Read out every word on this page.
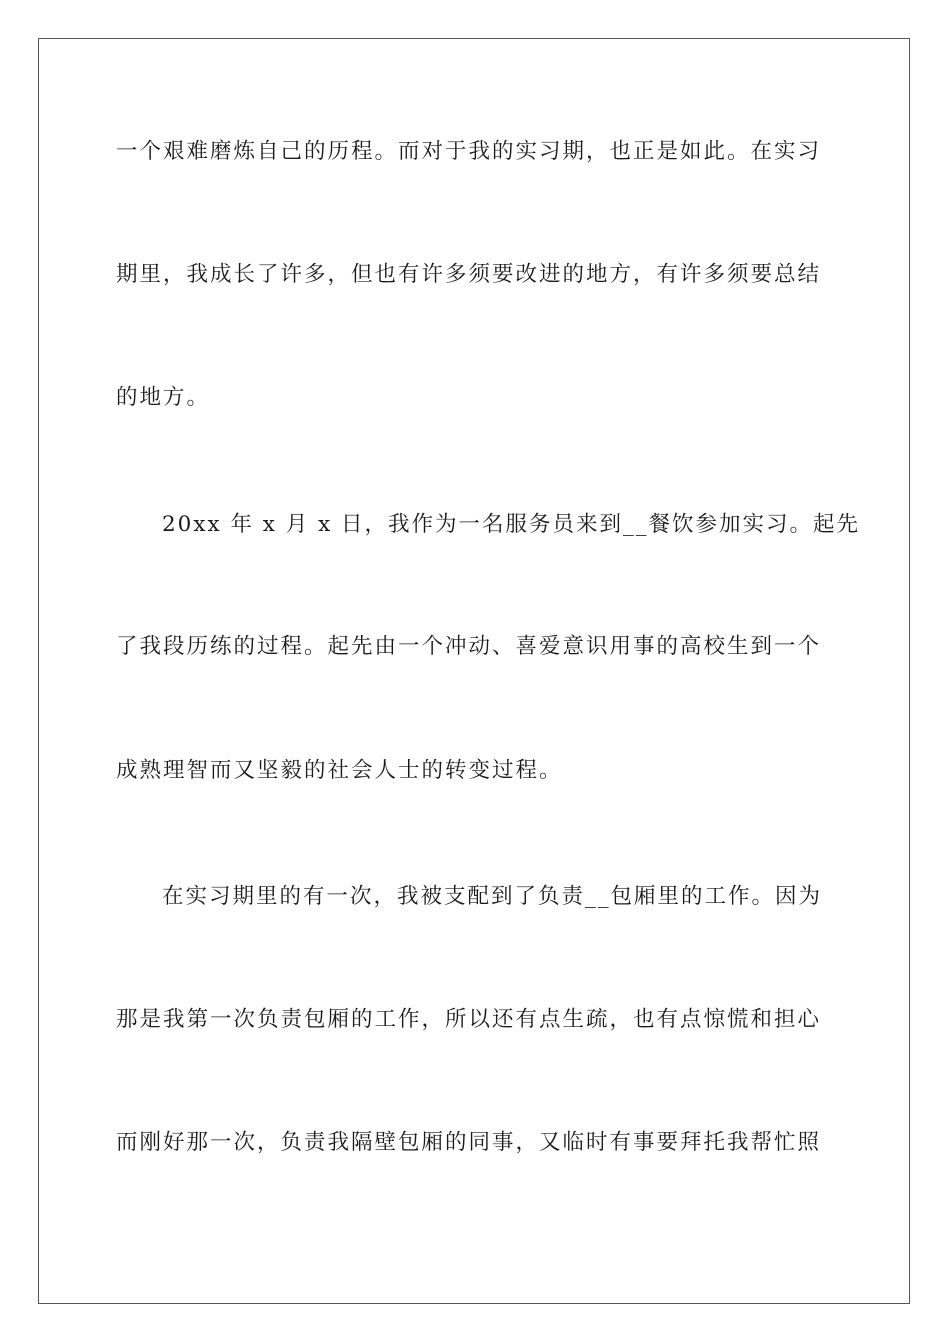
一个艰难磨炼自己的历程。而对于我的实习期，也正是如此。在实习
期里，我成长了许多，但也有许多须要改进的地方，有许多须要总结
的地方。
20xx 年 x 月 x 日，我作为一名服务员来到__餐饮参加实习。起先
了我段历练的过程。起先由一个冲动、喜爱意识用事的高校生到一个
成熟理智而又坚毅的社会人士的转变过程。
在实习期里的有一次，我被支配到了负责__包厢里的工作。因为
那是我第一次负责包厢的工作，所以还有点生疏，也有点惊慌和担心
而刚好那一次，负责我隔壁包厢的同事，又临时有事要拜托我帮忙照
